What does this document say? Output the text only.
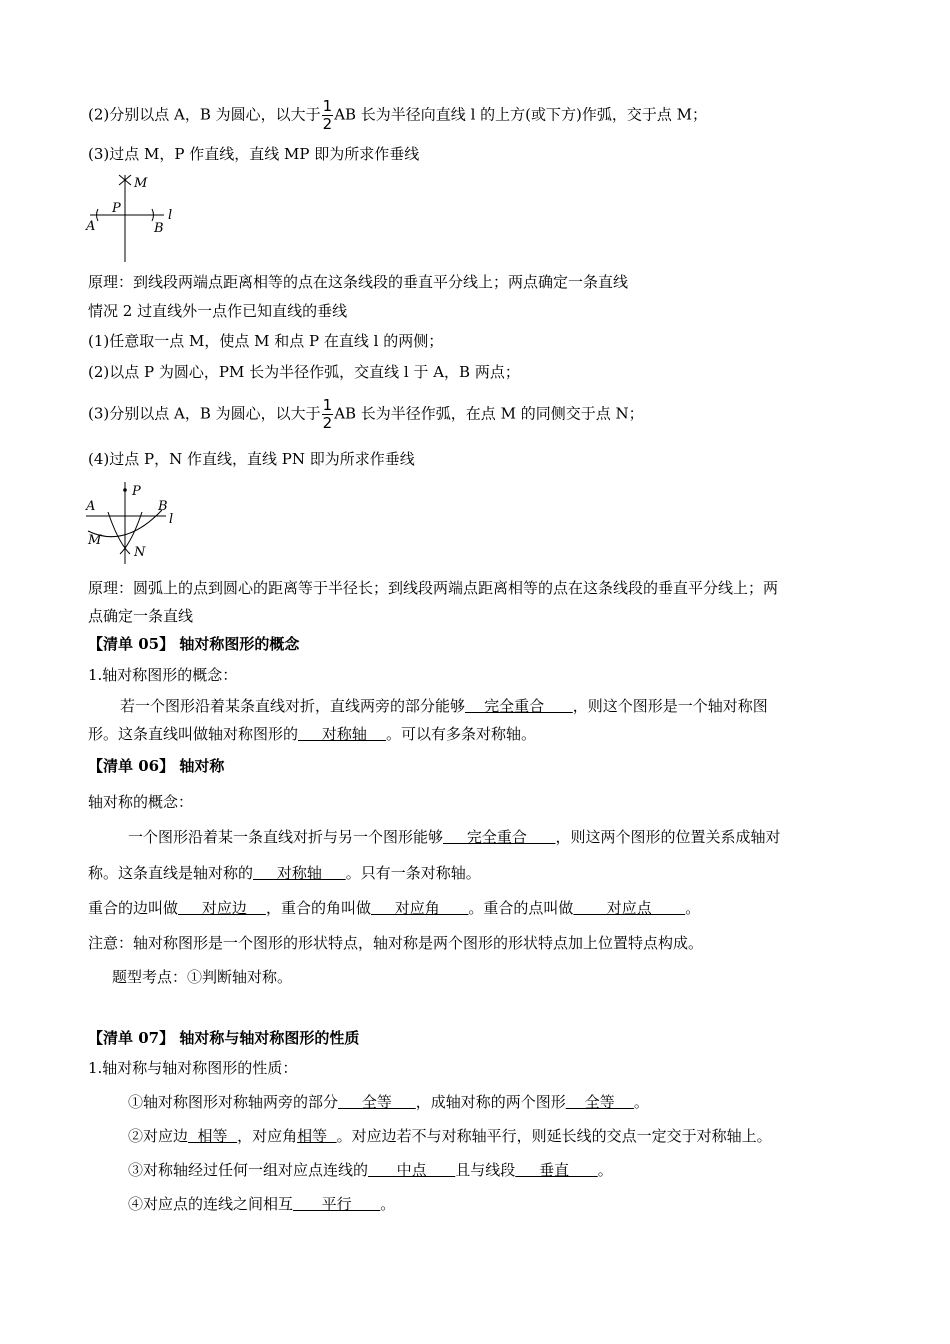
(2)分别以点 A，B 为圆心，以大于 $\frac{1}{2}$ AB 长为半径向直线 l 的上方(或下方)作弧，交于点 M；
(3)过点 M，P 作直线，直线 MP 即为所求作垂线
M
P	l
A	B
原理：到线段两端点距离相等的点在这条线段的垂直平分线上；两点确定一条直线
情况 2 过直线外一点作已知直线的垂线
(1)任意取一点 M，使点 M 和点 P 在直线 l 的两侧；
(2)以点 P 为圆心，PM 长为半径作弧，交直线 l 于 A，B 两点；
(3)分别以点 A，B 为圆心，以大于 $\frac{1}{2}$ AB 长为半径作弧，在点 M 的同侧交于点 N；
(4)过点 P，N 作直线，直线 PN 即为所求作垂线
P
A	B
l
M
N
原理：圆弧上的点到圆心的距离等于半径长；到线段两端点距离相等的点在这条线段的垂直平分线上；两
点确定一条直线
【清单 05】 轴对称图形的概念
1.轴对称图形的概念：
若一个图形沿着某条直线对折，直线两旁的部分能够    完全重合      ，则这个图形是一个轴对称图
形。这条直线叫做轴对称图形的     对称轴    。可以有多条对称轴。
【清单 06】 轴对称
轴对称的概念：
一个图形沿着某一条直线对折与另一个图形能够     完全重合      ，则这两个图形的位置关系成轴对
称。这条直线是轴对称的     对称轴     。只有一条对称轴。
重合的边叫做     对应边    ，重合的角叫做     对应角      。重合的点叫做       对应点       。
注意：轴对称图形是一个图形的形状特点，轴对称是两个图形的形状特点加上位置特点构成。
题型考点：①判断轴对称。
【清单 07】 轴对称与轴对称图形的性质
1.轴对称与轴对称图形的性质：
①轴对称图形对称轴两旁的部分     全等     ，成轴对称的两个图形    全等    。
②对应边  相等  ，对应角相等  。对应边若不与对称轴平行，则延长线的交点一定交于对称轴上。
③对称轴经过任何一组对应点连线的      中点      且与线段     垂直      。
④对应点的连线之间相互      平行      。
